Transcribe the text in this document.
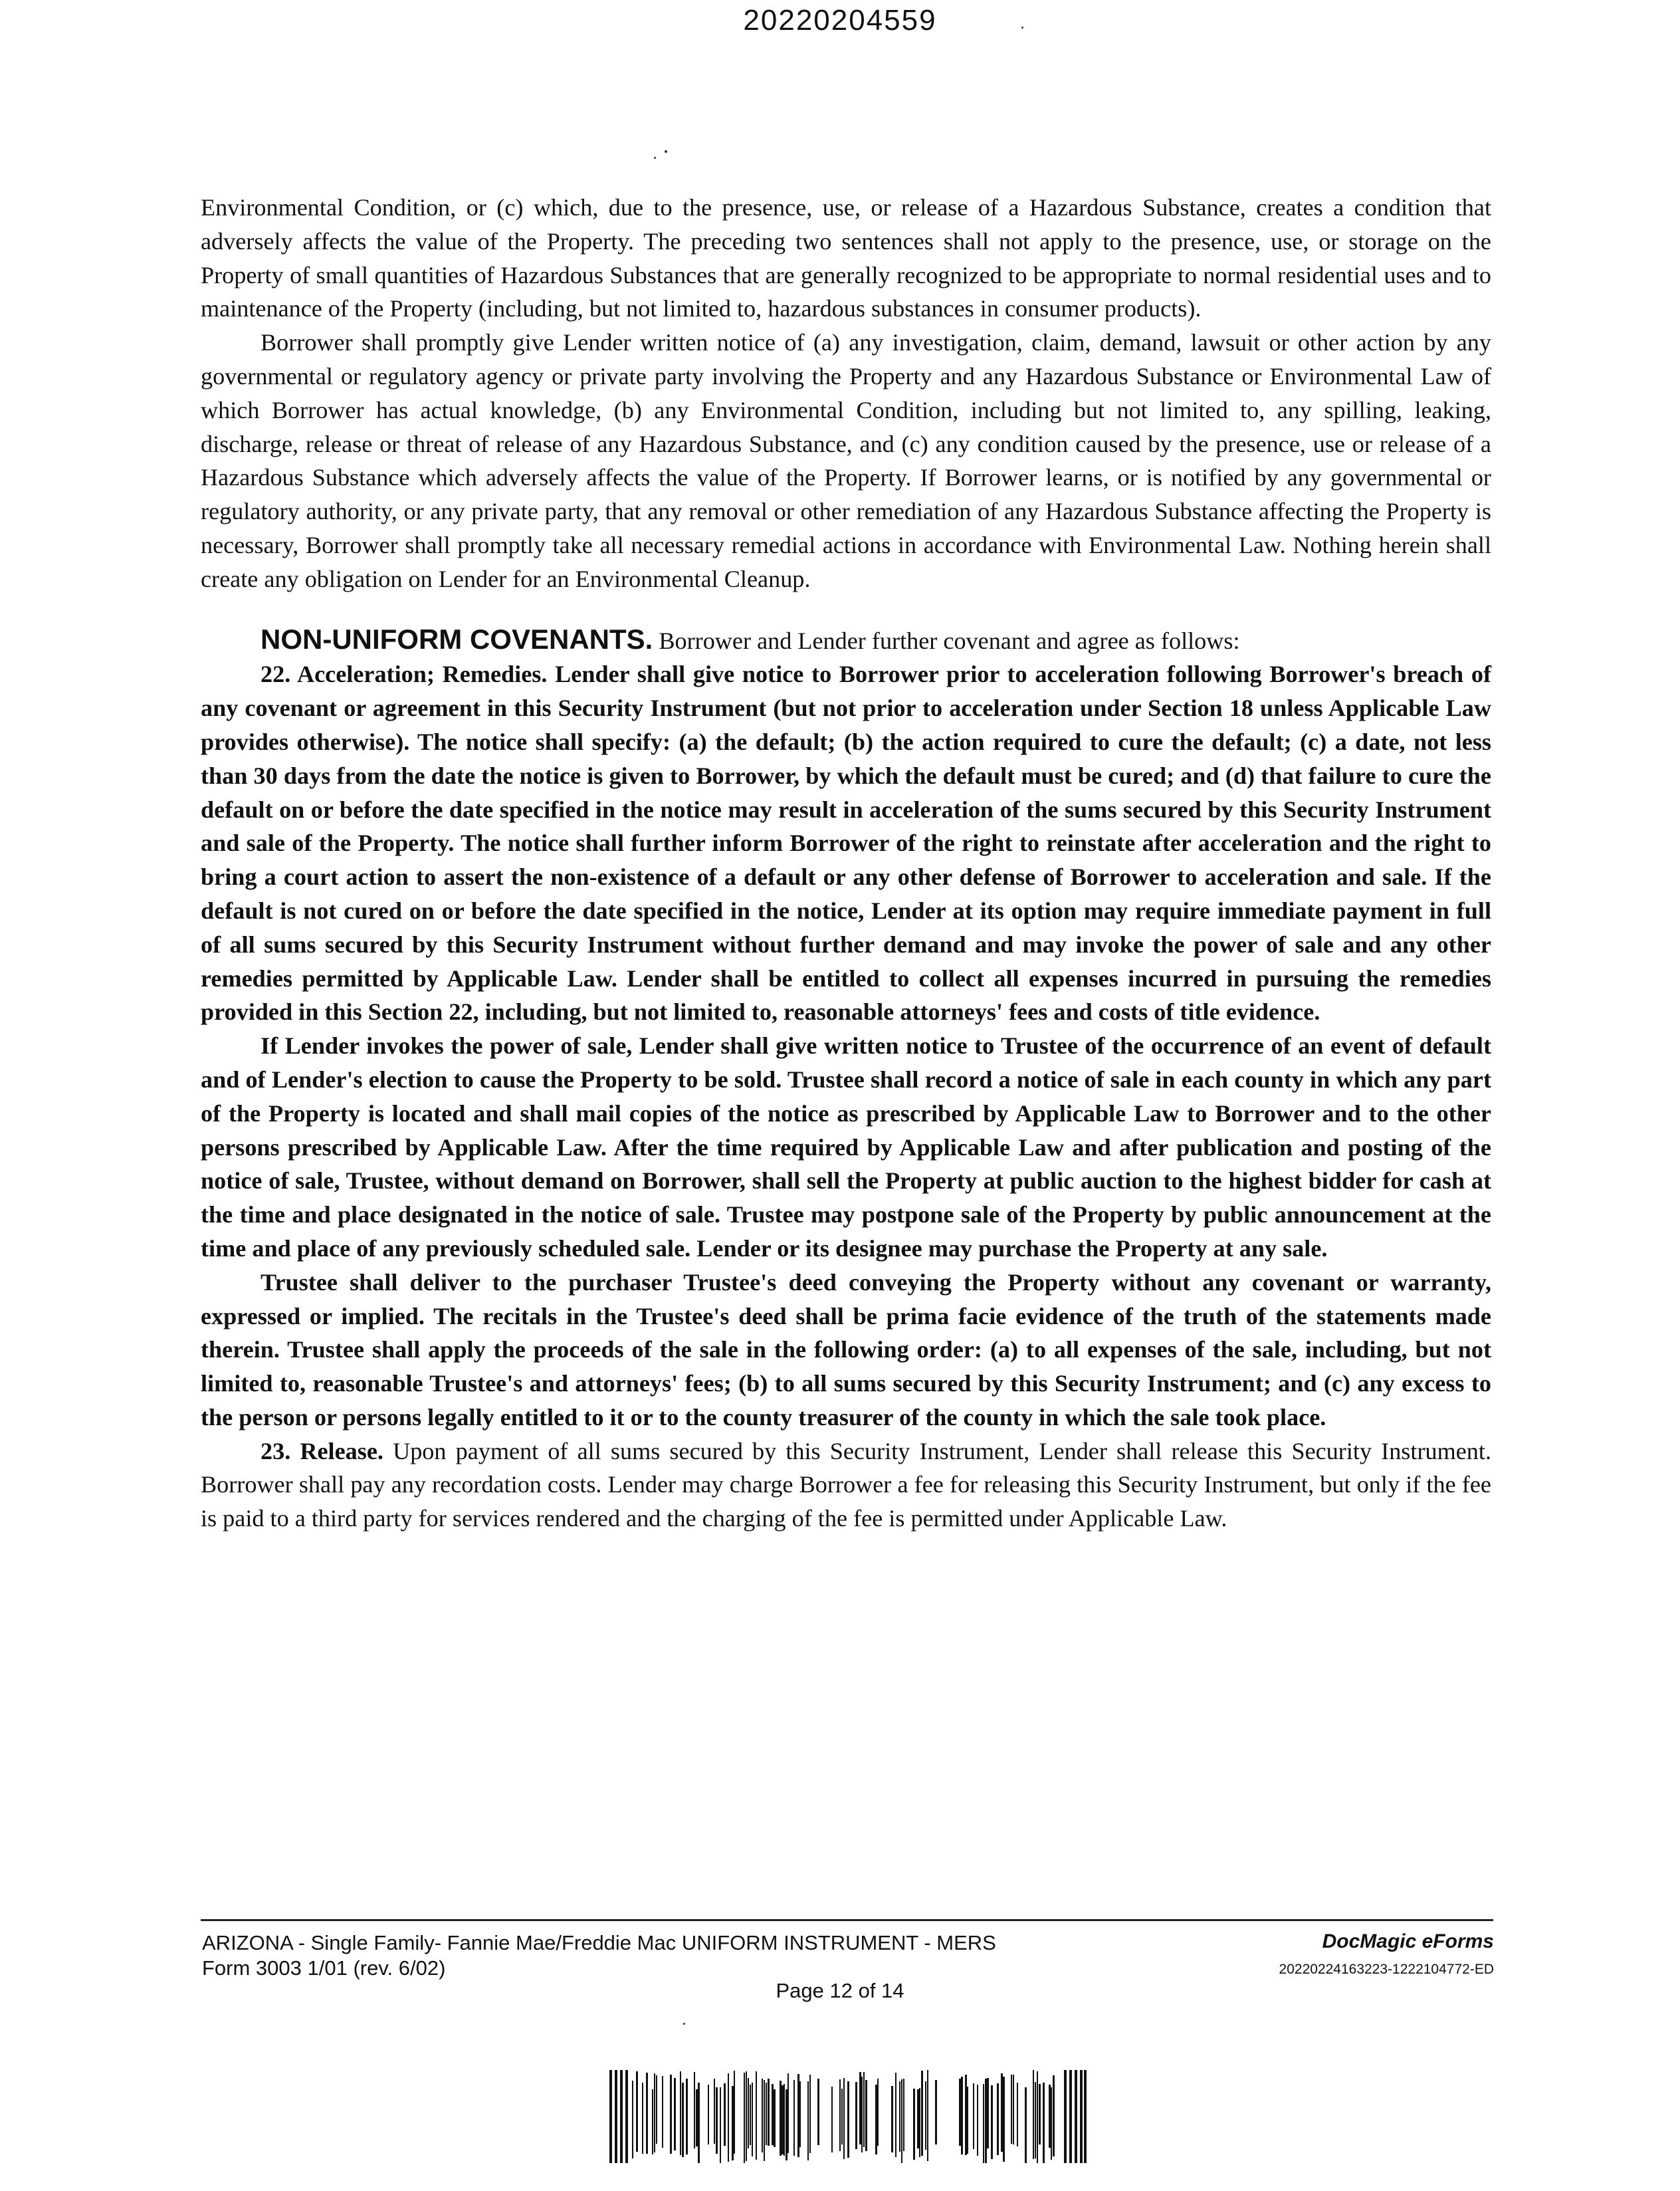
20220204559

Environmental Condition, or (c) which, due to the presence, use, or release of a Hazardous Substance, creates a condition that adversely affects the value of the Property. The preceding two sentences shall not apply to the presence, use, or storage on the Property of small quantities of Hazardous Substances that are generally recognized to be appropriate to normal residential uses and to maintenance of the Property (including, but not limited to, hazardous substances in consumer products).

Borrower shall promptly give Lender written notice of (a) any investigation, claim, demand, lawsuit or other action by any governmental or regulatory agency or private party involving the Property and any Hazardous Substance or Environmental Law of which Borrower has actual knowledge, (b) any Environmental Condition, including but not limited to, any spilling, leaking, discharge, release or threat of release of any Hazardous Substance, and (c) any condition caused by the presence, use or release of a Hazardous Substance which adversely affects the value of the Property. If Borrower learns, or is notified by any governmental or regulatory authority, or any private party, that any removal or other remediation of any Hazardous Substance affecting the Property is necessary, Borrower shall promptly take all necessary remedial actions in accordance with Environmental Law. Nothing herein shall create any obligation on Lender for an Environmental Cleanup.

NON-UNIFORM COVENANTS. Borrower and Lender further covenant and agree as follows:

22. Acceleration; Remedies. Lender shall give notice to Borrower prior to acceleration following Borrower's breach of any covenant or agreement in this Security Instrument (but not prior to acceleration under Section 18 unless Applicable Law provides otherwise). The notice shall specify: (a) the default; (b) the action required to cure the default; (c) a date, not less than 30 days from the date the notice is given to Borrower, by which the default must be cured; and (d) that failure to cure the default on or before the date specified in the notice may result in acceleration of the sums secured by this Security Instrument and sale of the Property. The notice shall further inform Borrower of the right to reinstate after acceleration and the right to bring a court action to assert the non-existence of a default or any other defense of Borrower to acceleration and sale. If the default is not cured on or before the date specified in the notice, Lender at its option may require immediate payment in full of all sums secured by this Security Instrument without further demand and may invoke the power of sale and any other remedies permitted by Applicable Law. Lender shall be entitled to collect all expenses incurred in pursuing the remedies provided in this Section 22, including, but not limited to, reasonable attorneys' fees and costs of title evidence.

If Lender invokes the power of sale, Lender shall give written notice to Trustee of the occurrence of an event of default and of Lender's election to cause the Property to be sold. Trustee shall record a notice of sale in each county in which any part of the Property is located and shall mail copies of the notice as prescribed by Applicable Law to Borrower and to the other persons prescribed by Applicable Law. After the time required by Applicable Law and after publication and posting of the notice of sale, Trustee, without demand on Borrower, shall sell the Property at public auction to the highest bidder for cash at the time and place designated in the notice of sale. Trustee may postpone sale of the Property by public announcement at the time and place of any previously scheduled sale. Lender or its designee may purchase the Property at any sale.

Trustee shall deliver to the purchaser Trustee's deed conveying the Property without any covenant or warranty, expressed or implied. The recitals in the Trustee's deed shall be prima facie evidence of the truth of the statements made therein. Trustee shall apply the proceeds of the sale in the following order: (a) to all expenses of the sale, including, but not limited to, reasonable Trustee's and attorneys' fees; (b) to all sums secured by this Security Instrument; and (c) any excess to the person or persons legally entitled to it or to the county treasurer of the county in which the sale took place.

23. Release. Upon payment of all sums secured by this Security Instrument, Lender shall release this Security Instrument. Borrower shall pay any recordation costs. Lender may charge Borrower a fee for releasing this Security Instrument, but only if the fee is paid to a third party for services rendered and the charging of the fee is permitted under Applicable Law.

ARIZONA - Single Family- Fannie Mae/Freddie Mac UNIFORM INSTRUMENT - MERS
Form 3003 1/01 (rev. 6/02)
DocMagic eForms
20220224163223-1222104772-ED
Page 12 of 14
